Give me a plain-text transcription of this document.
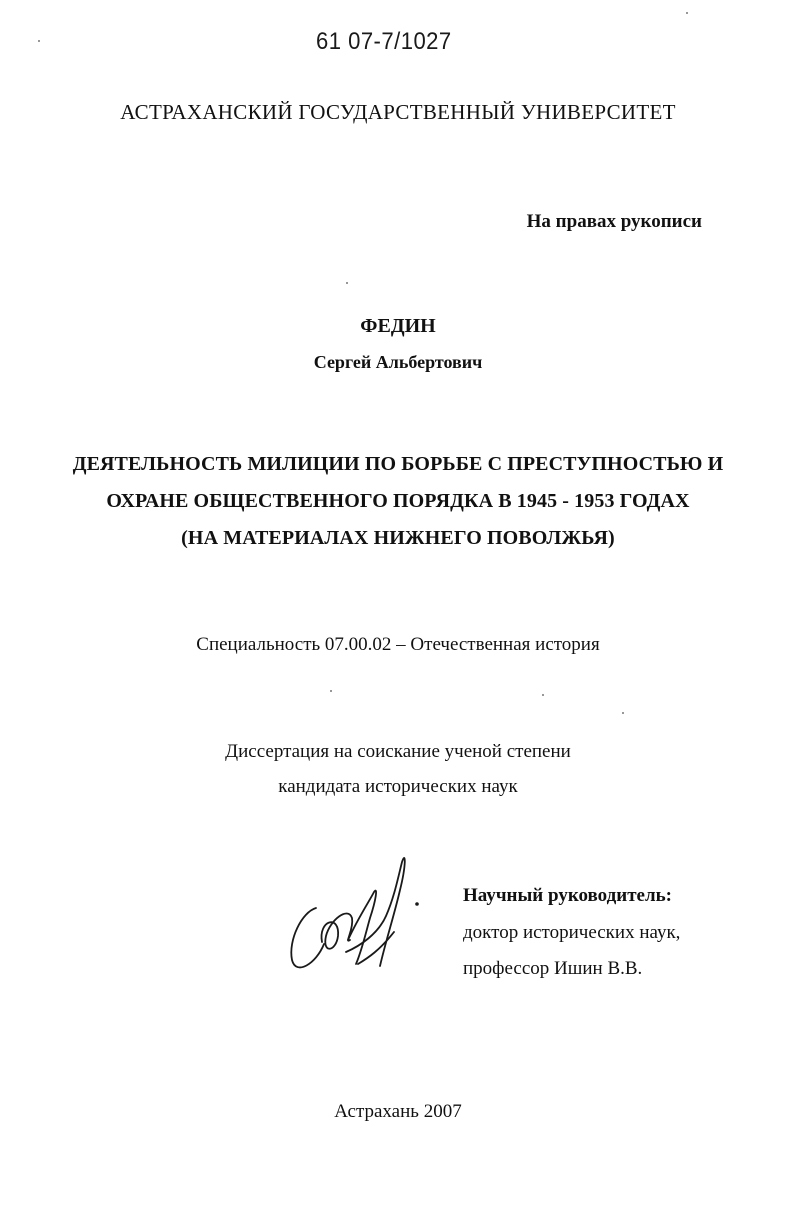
61 07-7/1027
АСТРАХАНСКИЙ ГОСУДАРСТВЕННЫЙ УНИВЕРСИТЕТ
На правах рукописи
ФЕДИН
Сергей Альбертович
ДЕЯТЕЛЬНОСТЬ МИЛИЦИИ ПО БОРЬБЕ С ПРЕСТУПНОСТЬЮ И
ОХРАНЕ ОБЩЕСТВЕННОГО ПОРЯДКА В 1945 - 1953 ГОДАХ
(НА МАТЕРИАЛАХ НИЖНЕГО ПОВОЛЖЬЯ)
Специальность 07.00.02 – Отечественная история
Диссертация на соискание ученой степени
кандидата исторических наук
Научный руководитель:
доктор исторических наук,
профессор Ишин В.В.
Астрахань 2007
